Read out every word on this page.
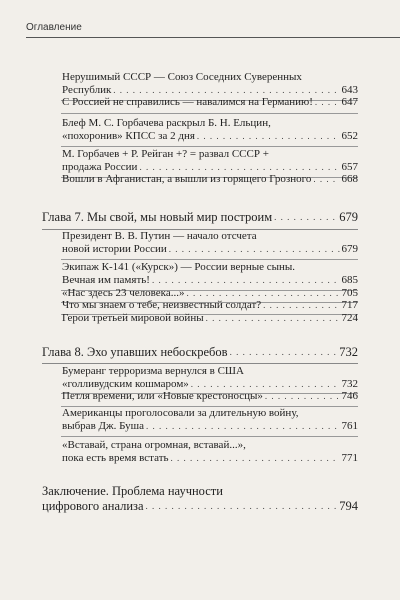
Оглавление
Нерушимый СССР — Союз Соседних Суверенных
Республик . . .	643
С Россией не справились — навалимся на Германию! . . .	647
Блеф М. С. Горбачева раскрыл Б. Н. Ельцин,
«похоронив» КПСС за 2 дня . . .	652
М. Горбачев + Р. Рейган +? = развал СССР +
продажа России . . .	657
Вошли в Афганистан, а вышли из горящего Грозного . . .	668
Глава 7. Мы свой, мы новый мир построим . . .	679
Президент В. В. Путин — начало отсчета
новой истории России . . .	679
Экипаж К-141 («Курск») — России верные сыны.
Вечная им память! . . .	685
«Нас здесь 23 человека...» . . .	705
Что мы знаем о тебе, неизвестный солдат? . . .	717
Герои третьей мировой войны . . .	724
Глава 8. Эхо упавших небоскребов . . .	732
Бумеранг терроризма вернулся в США
«голливудским кошмаром» . . .	732
Петля времени, или «Новые крестоносцы» . . .	746
Американцы проголосовали за длительную войну,
выбрав Дж. Буша . . .	761
«Вставай, страна огромная, вставай...»,
пока есть время встать . . .	771
Заключение. Проблема научности
цифрового анализа . . .	794
